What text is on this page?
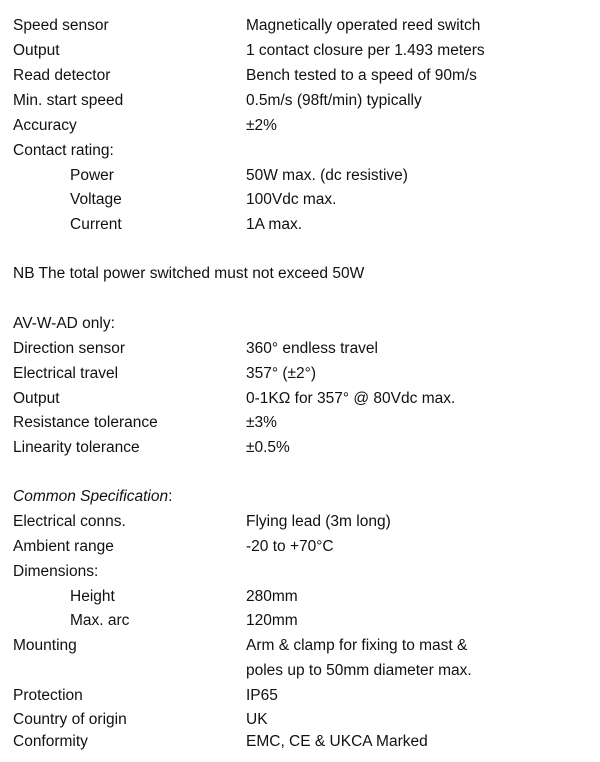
Speed sensor	Magnetically operated reed switch
Output	1 contact closure per 1.493 meters
Read detector	Bench tested to a speed of 90m/s
Min. start speed	0.5m/s (98ft/min) typically
Accuracy	±2%
Contact rating:
Power	50W max. (dc resistive)
Voltage	100Vdc max.
Current	1A max.
NB The total power switched must not exceed 50W
AV-W-AD only:
Direction sensor	360° endless travel
Electrical travel	357° (±2°)
Output	0-1KΩ for 357° @ 80Vdc max.
Resistance tolerance	±3%
Linearity tolerance	±0.5%
Common Specification:
Electrical conns.	Flying lead (3m long)
Ambient range	-20 to +70°C
Dimensions:
Height	280mm
Max. arc	120mm
Mounting	Arm & clamp for fixing to mast &
poles up to 50mm diameter max.
Protection	IP65
Country of origin	UK
Conformity	EMC, CE & UKCA Marked
